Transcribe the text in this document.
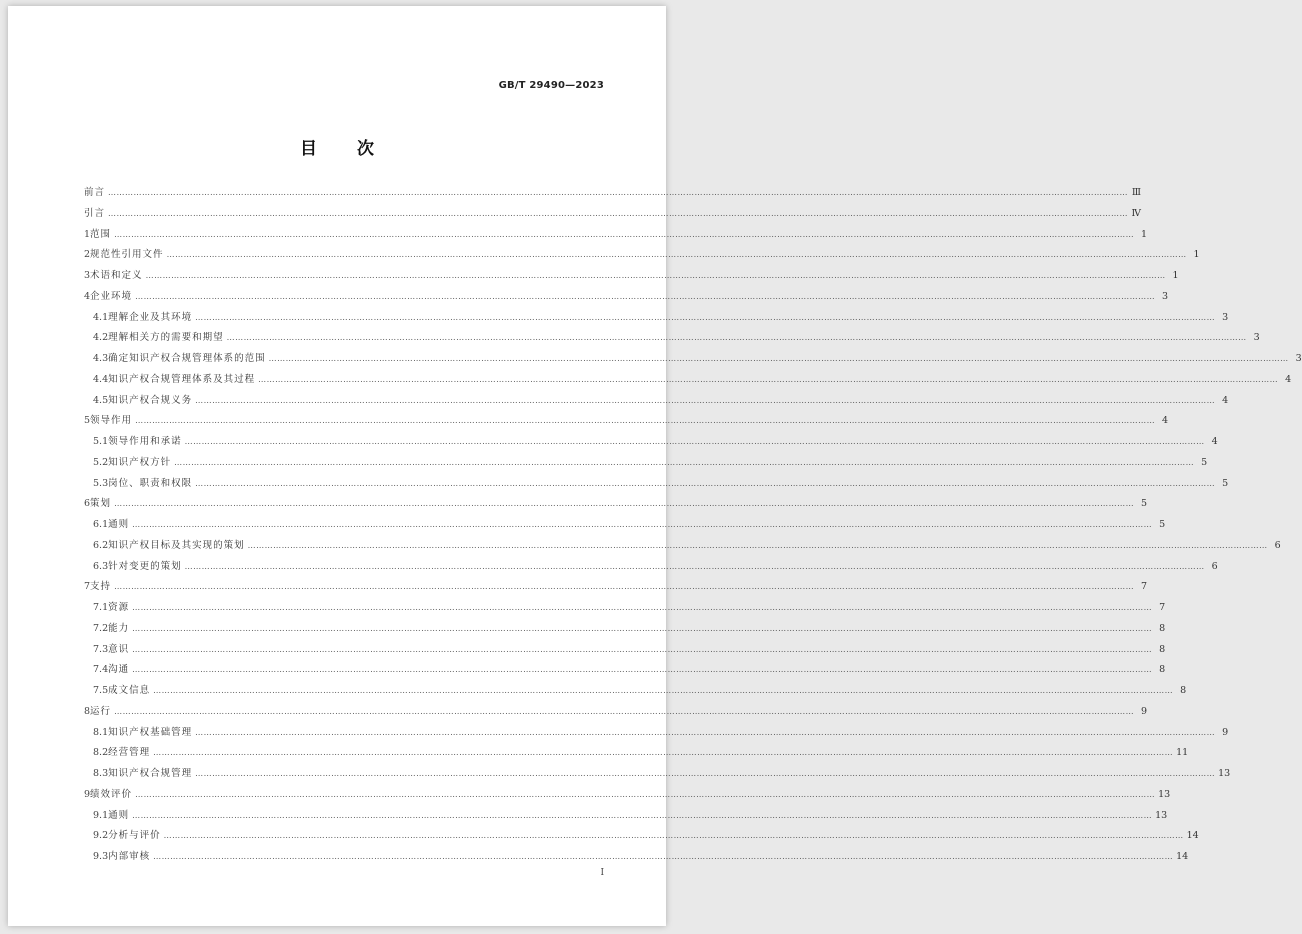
GB/T 29490—2023
目 次
前言 ……………………………………………………………………………………………………………………………………………………………………………………………………………………………………………………………………………………………………………………………… Ⅲ
引言 ……………………………………………………………………………………………………………………………………………………………………………………………………………………………………………………………………………………………………………………………… Ⅳ
1 范围 ……………………………………………………………………………………………………………………………………………………………………………………………………………………………………………………………………………………………………………………………… 1
2 规范性引用文件 ……………………………………………………………………………………………………………………………………………………………………………………………………………………………………………………………………………………………………………………………… 1
3 术语和定义 ……………………………………………………………………………………………………………………………………………………………………………………………………………………………………………………………………………………………………………………………… 1
4 企业环境 ……………………………………………………………………………………………………………………………………………………………………………………………………………………………………………………………………………………………………………………………… 3
4.1 理解企业及其环境 ……………………………………………………………………………………………………………………………………………………………………………………………………………………………………………………………………………………………………………………………… 3
4.2 理解相关方的需要和期望 ……………………………………………………………………………………………………………………………………………………………………………………………………………………………………………………………………………………………………………………………… 3
4.3 确定知识产权合规管理体系的范围 ……………………………………………………………………………………………………………………………………………………………………………………………………………………………………………………………………………………………………………………………… 3
4.4 知识产权合规管理体系及其过程 ……………………………………………………………………………………………………………………………………………………………………………………………………………………………………………………………………………………………………………………………… 4
4.5 知识产权合规义务 ……………………………………………………………………………………………………………………………………………………………………………………………………………………………………………………………………………………………………………………………… 4
5 领导作用 ……………………………………………………………………………………………………………………………………………………………………………………………………………………………………………………………………………………………………………………………… 4
5.1 领导作用和承诺 ……………………………………………………………………………………………………………………………………………………………………………………………………………………………………………………………………………………………………………………………… 4
5.2 知识产权方针 ……………………………………………………………………………………………………………………………………………………………………………………………………………………………………………………………………………………………………………………………… 5
5.3 岗位、职责和权限 ……………………………………………………………………………………………………………………………………………………………………………………………………………………………………………………………………………………………………………………………… 5
6 策划 ……………………………………………………………………………………………………………………………………………………………………………………………………………………………………………………………………………………………………………………………… 5
6.1 通则 ……………………………………………………………………………………………………………………………………………………………………………………………………………………………………………………………………………………………………………………………… 5
6.2 知识产权目标及其实现的策划 ……………………………………………………………………………………………………………………………………………………………………………………………………………………………………………………………………………………………………………………………… 6
6.3 针对变更的策划 ……………………………………………………………………………………………………………………………………………………………………………………………………………………………………………………………………………………………………………………………… 6
7 支持 ……………………………………………………………………………………………………………………………………………………………………………………………………………………………………………………………………………………………………………………………… 7
7.1 资源 ……………………………………………………………………………………………………………………………………………………………………………………………………………………………………………………………………………………………………………………………… 7
7.2 能力 ……………………………………………………………………………………………………………………………………………………………………………………………………………………………………………………………………………………………………………………………… 8
7.3 意识 ……………………………………………………………………………………………………………………………………………………………………………………………………………………………………………………………………………………………………………………………… 8
7.4 沟通 ……………………………………………………………………………………………………………………………………………………………………………………………………………………………………………………………………………………………………………………………… 8
7.5 成文信息 ……………………………………………………………………………………………………………………………………………………………………………………………………………………………………………………………………………………………………………………………… 8
8 运行 ……………………………………………………………………………………………………………………………………………………………………………………………………………………………………………………………………………………………………………………………… 9
8.1 知识产权基础管理 ……………………………………………………………………………………………………………………………………………………………………………………………………………………………………………………………………………………………………………………………… 9
8.2 经营管理 ……………………………………………………………………………………………………………………………………………………………………………………………………………………………………………………………………………………………………………………………… 11
8.3 知识产权合规管理 ……………………………………………………………………………………………………………………………………………………………………………………………………………………………………………………………………………………………………………………………… 13
9 绩效评价 ……………………………………………………………………………………………………………………………………………………………………………………………………………………………………………………………………………………………………………………………… 13
9.1 通则 ……………………………………………………………………………………………………………………………………………………………………………………………………………………………………………………………………………………………………………………………… 13
9.2 分析与评价 ……………………………………………………………………………………………………………………………………………………………………………………………………………………………………………………………………………………………………………………………… 14
9.3 内部审核 ……………………………………………………………………………………………………………………………………………………………………………………………………………………………………………………………………………………………………………………………… 14
I
